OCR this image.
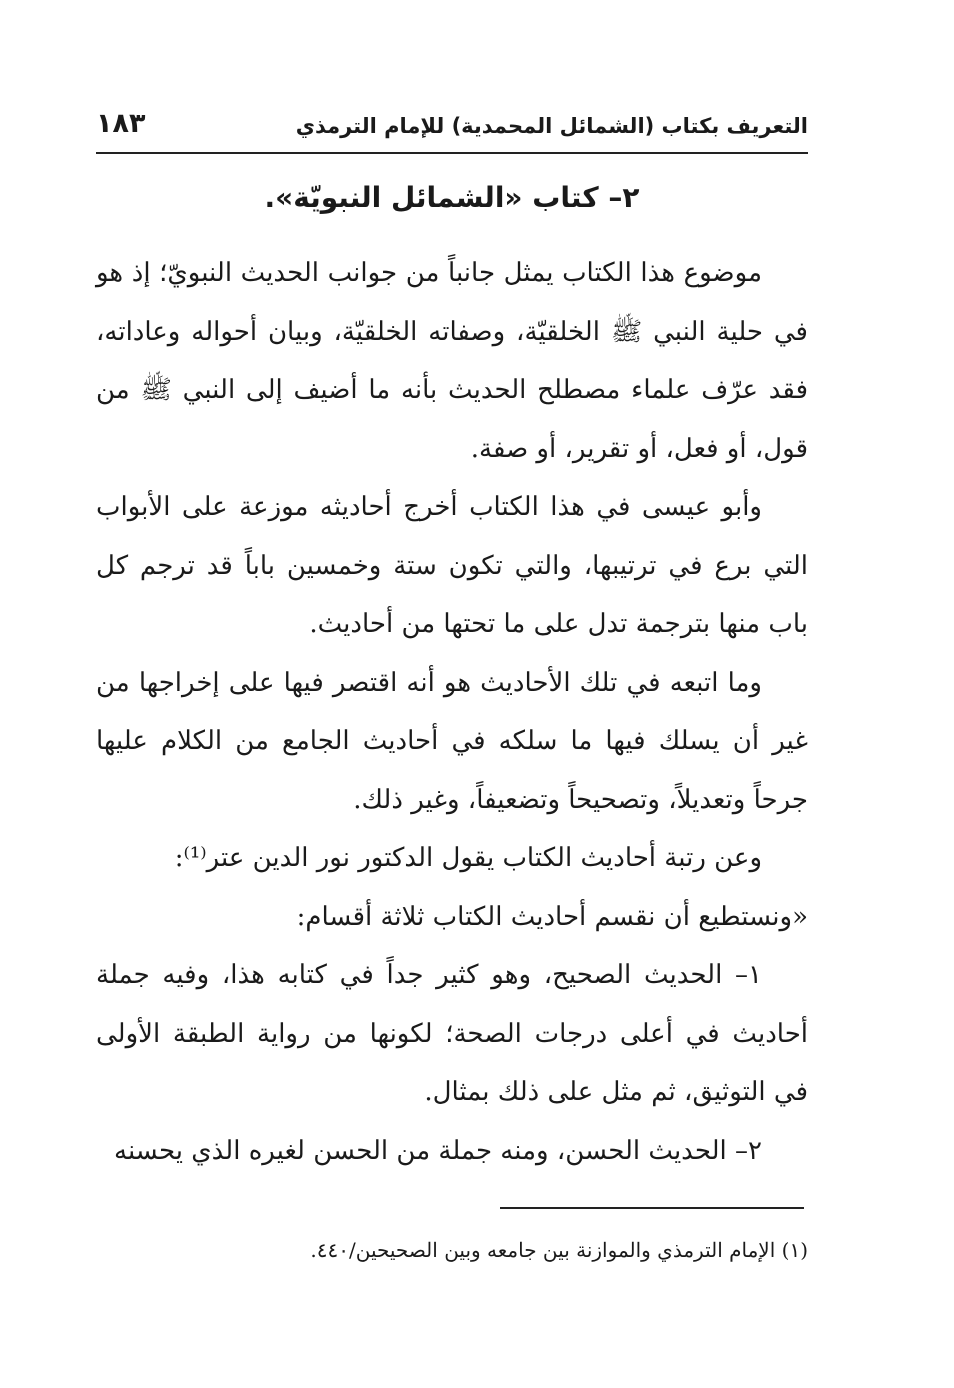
التعريف بكتاب (الشمائل المحمدية) للإمام الترمذي
١٨٣
٢– كتاب «الشمائل النبويّة».

موضوع هذا الكتاب يمثل جانباً من جوانب الحديث النبويّ؛ إذ هو في حلية النبي ﷺ الخلقيّة، وصفاته الخلقيّة، وبيان أحواله وعاداته، فقد عرّف علماء مصطلح الحديث بأنه ما أضيف إلى النبي ﷺ من قول، أو فعل، أو تقرير، أو صفة.

وأبو عيسى في هذا الكتاب أخرج أحاديثه موزعة على الأبواب التي برع في ترتيبها، والتي تكون ستة وخمسين باباً قد ترجم كل باب منها بترجمة تدل على ما تحتها من أحاديث.

وما اتبعه في تلك الأحاديث هو أنه اقتصر فيها على إخراجها من غير أن يسلك فيها ما سلكه في أحاديث الجامع من الكلام عليها جرحاً وتعديلاً، وتصحيحاً وتضعيفاً، وغير ذلك.

وعن رتبة أحاديث الكتاب يقول الدكتور نور الدين عتر⁽¹⁾:

«ونستطيع أن نقسم أحاديث الكتاب ثلاثة أقسام:

١– الحديث الصحيح، وهو كثير جداً في كتابه هذا، وفيه جملة أحاديث في أعلى درجات الصحة؛ لكونها من رواية الطبقة الأولى في التوثيق، ثم مثل على ذلك بمثال.

٢– الحديث الحسن، ومنه جملة من الحسن لغيره الذي يحسنه

(١) الإمام الترمذي والموازنة بين جامعه وبين الصحيحين/٤٤٠.
